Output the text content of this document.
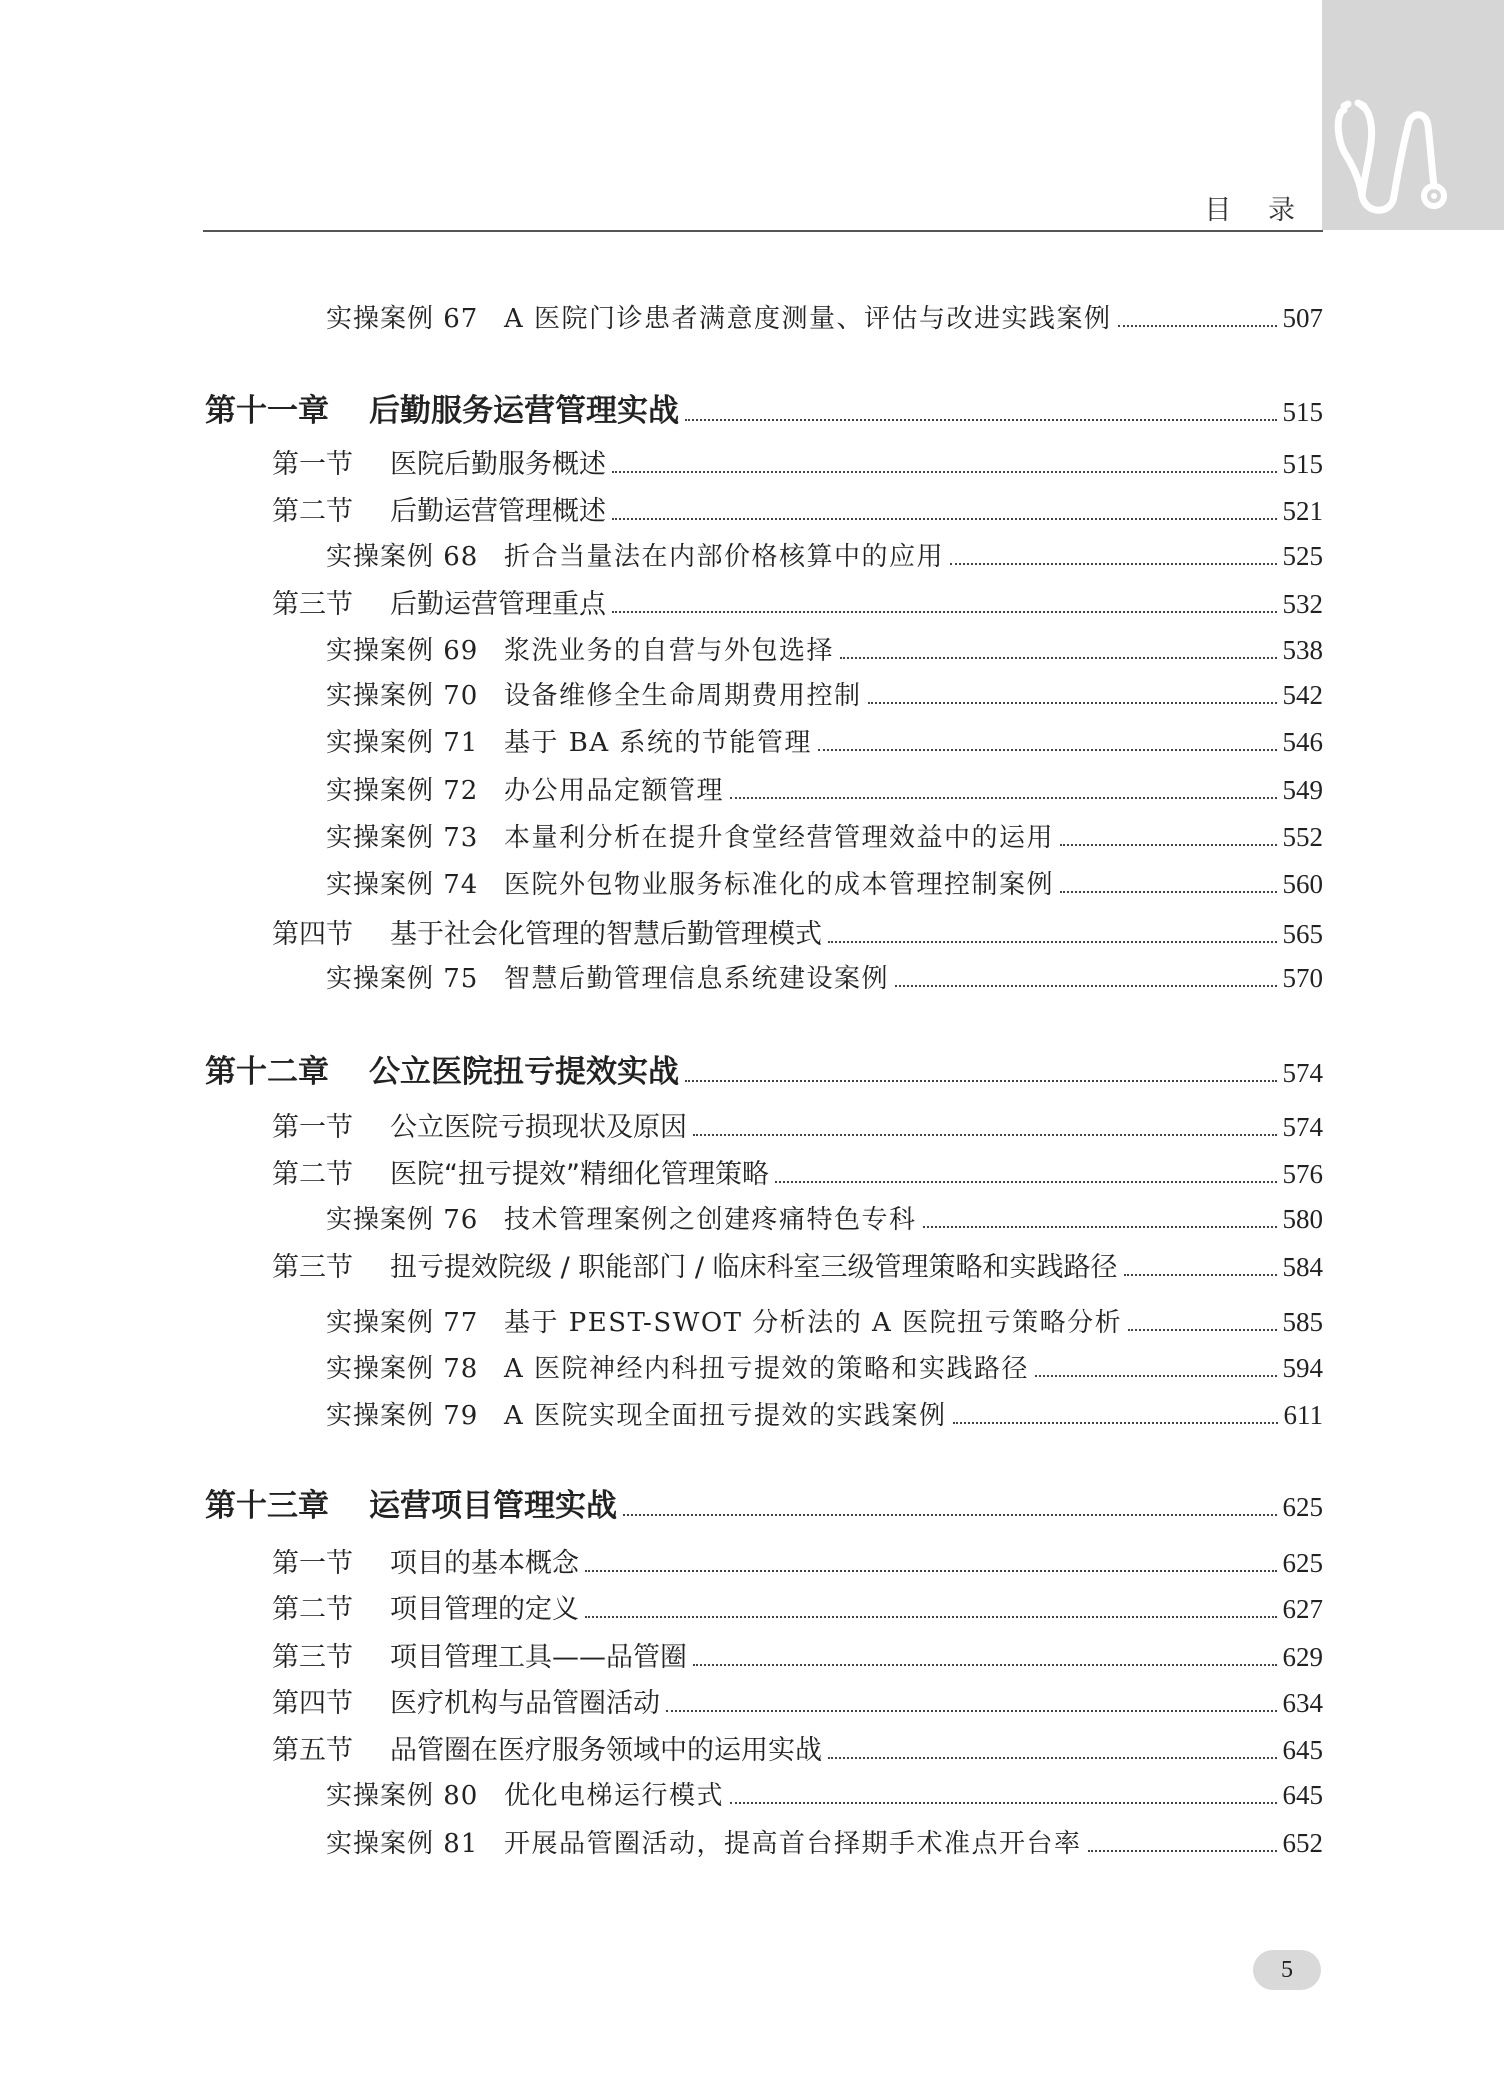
目 录
实操案例 67 A 医院门诊患者满意度测量、评估与改进实践案例	507
第十一章	后勤服务运营管理实战	515
第一节	医院后勤服务概述	515
第二节	后勤运营管理概述	521
实操案例 68 折合当量法在内部价格核算中的应用	525
第三节	后勤运营管理重点	532
实操案例 69 浆洗业务的自营与外包选择	538
实操案例 70 设备维修全生命周期费用控制	542
实操案例 71 基于 BA 系统的节能管理	546
实操案例 72 办公用品定额管理	549
实操案例 73 本量利分析在提升食堂经营管理效益中的运用	552
实操案例 74 医院外包物业服务标准化的成本管理控制案例	560
第四节	基于社会化管理的智慧后勤管理模式	565
实操案例 75 智慧后勤管理信息系统建设案例	570
第十二章	公立医院扭亏提效实战	574
第一节	公立医院亏损现状及原因	574
第二节	医院“扭亏提效”精细化管理策略	576
实操案例 76 技术管理案例之创建疼痛特色专科	580
第三节	扭亏提效院级 / 职能部门 / 临床科室三级管理策略和实践路径	584
实操案例 77 基于 PEST-SWOT 分析法的 A 医院扭亏策略分析	585
实操案例 78 A 医院神经内科扭亏提效的策略和实践路径	594
实操案例 79 A 医院实现全面扭亏提效的实践案例	611
第十三章	运营项目管理实战	625
第一节	项目的基本概念	625
第二节	项目管理的定义	627
第三节	项目管理工具——品管圈	629
第四节	医疗机构与品管圈活动	634
第五节	品管圈在医疗服务领域中的运用实战	645
实操案例 80 优化电梯运行模式	645
实操案例 81 开展品管圈活动，提高首台择期手术准点开台率	652
5
